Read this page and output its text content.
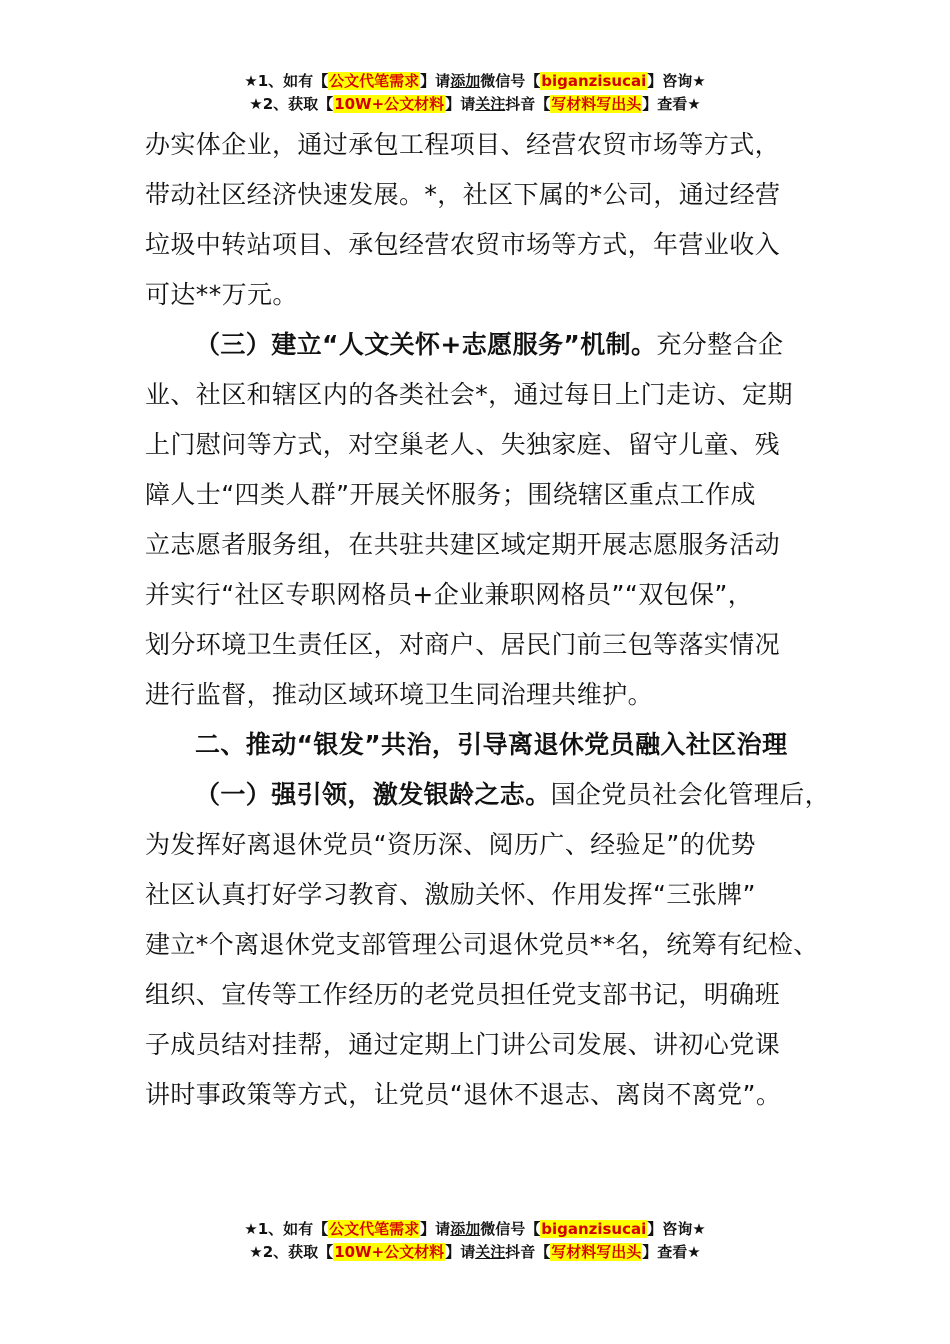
★1、如有【公文代笔需求】请添加微信号【biganzisucai】咨询★
★2、获取【10W+公文材料】请关注抖音【写材料写出头】查看★

办实体企业，通过承包工程项目、经营农贸市场等方式，

带动社区经济快速发展。*，社区下属的*公司，通过经营

垃圾中转站项目、承包经营农贸市场等方式，年营业收入

可达**万元。

（三）建立“人文关怀+志愿服务”机制。充分整合企

业、社区和辖区内的各类社会*，通过每日上门走访、定期

上门慰问等方式，对空巢老人、失独家庭、留守儿童、残

障人士“四类人群”开展关怀服务；围绕辖区重点工作成

立志愿者服务组，在共驻共建区域定期开展志愿服务活动

并实行“社区专职网格员+企业兼职网格员”“双包保”，

划分环境卫生责任区，对商户、居民门前三包等落实情况

进行监督，推动区域环境卫生同治理共维护。

二、推动“银发”共治，引导离退休党员融入社区治理

（一）强引领，激发银龄之志。国企党员社会化管理后，

为发挥好离退休党员“资历深、阅历广、经验足”的优势

社区认真打好学习教育、激励关怀、作用发挥“三张牌”

建立*个离退休党支部管理公司退休党员**名，统筹有纪检、

组织、宣传等工作经历的老党员担任党支部书记，明确班

子成员结对挂帮，通过定期上门讲公司发展、讲初心党课

讲时事政策等方式，让党员“退休不退志、离岗不离党”。

★1、如有【公文代笔需求】请添加微信号【biganzisucai】咨询★
★2、获取【10W+公文材料】请关注抖音【写材料写出头】查看★
